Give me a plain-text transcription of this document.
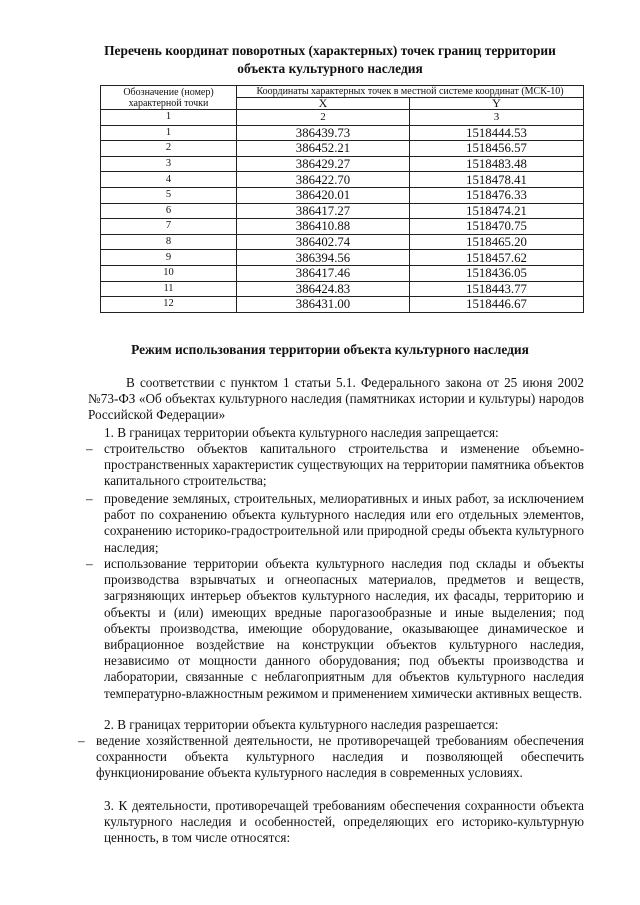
Перечень координат поворотных (характерных) точек границ территории
объекта культурного наследия
Обозначение (номер) характерной точки	Координаты характерных точек в местной системе координат (МСК-10)	
	X	Y
1	2	3
1	386439.73	1518444.53
2	386452.21	1518456.57
3	386429.27	1518483.48
4	386422.70	1518478.41
5	386420.01	1518476.33
6	386417.27	1518474.21
7	386410.88	1518470.75
8	386402.74	1518465.20
9	386394.56	1518457.62
10	386417.46	1518436.05
11	386424.83	1518443.77
12	386431.00	1518446.67
Режим использования территории объекта культурного наследия
В соответствии с пунктом 1 статьи 5.1. Федерального закона от 25 июня 2002 №73-ФЗ «Об объектах культурного наследия (памятниках истории и культуры) народов Российской Федерации»
1. В границах территории объекта культурного наследия запрещается:
– строительство объектов капитального строительства и изменение объемно-пространственных характеристик существующих на территории памятника объектов капитального строительства;
– проведение земляных, строительных, мелиоративных и иных работ, за исключением работ по сохранению объекта культурного наследия или его отдельных элементов, сохранению историко-градостроительной или природной среды объекта культурного наследия;
– использование территории объекта культурного наследия под склады и объекты производства взрывчатых и огнеопасных материалов, предметов и веществ, загрязняющих интерьер объектов культурного наследия, их фасады, территорию и объекты и (или) имеющих вредные парогазообразные и иные выделения; под объекты производства, имеющие оборудование, оказывающее динамическое и вибрационное воздействие на конструкции объектов культурного наследия, независимо от мощности данного оборудования; под объекты производства и лаборатории, связанные с неблагоприятным для объектов культурного наследия температурно-влажностным режимом и применением химически активных веществ.
2. В границах территории объекта культурного наследия разрешается:
– ведение хозяйственной деятельности, не противоречащей требованиям обеспечения сохранности объекта культурного наследия и позволяющей обеспечить функционирование объекта культурного наследия в современных условиях.
3. К деятельности, противоречащей требованиям обеспечения сохранности объекта культурного наследия и особенностей, определяющих его историко-культурную ценность, в том числе относятся:
